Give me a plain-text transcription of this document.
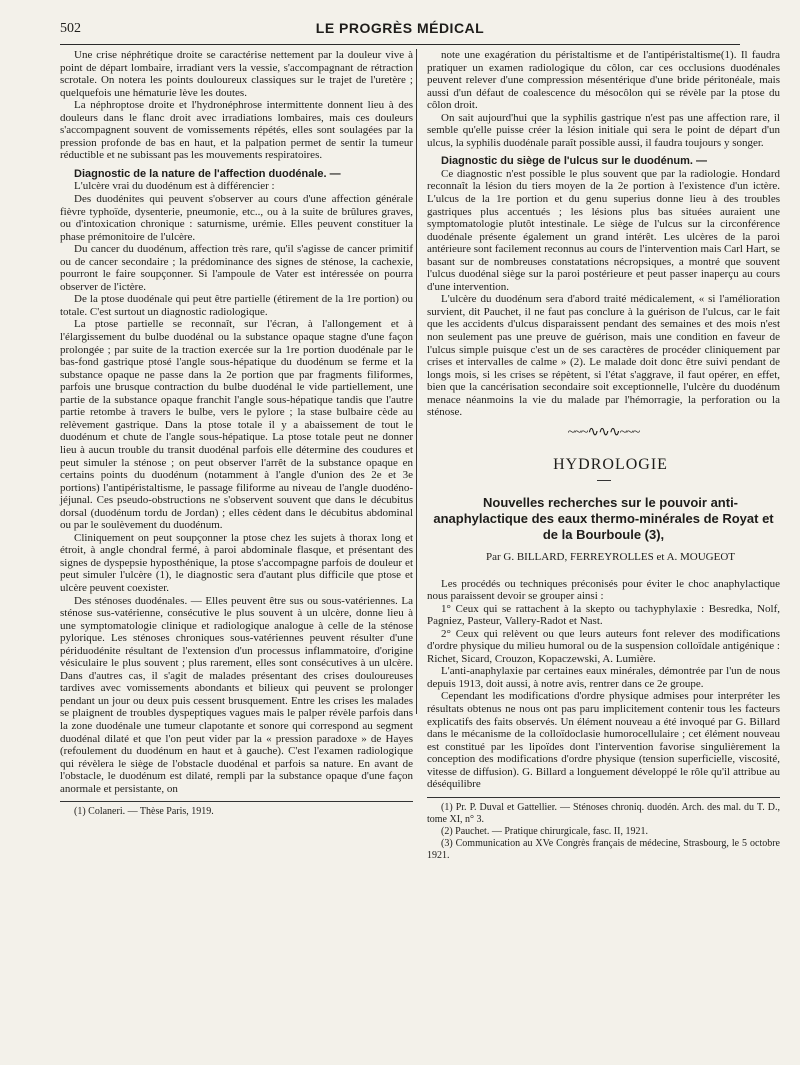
502	LE PROGRÈS MÉDICAL

Une crise néphrétique droite se caractérise nettement par la douleur vive à point de départ lombaire, irradiant vers la vessie, s'accompagnant de rétraction scrotale. On notera les points douloureux classiques sur le trajet de l'uretère ; quelquefois une hématurie lève les doutes.

La néphroptose droite et l'hydronéphrose intermittente donnent lieu à des douleurs dans le flanc droit avec irradiations lombaires, mais ces douleurs s'accompagnent souvent de vomissements répétés, elles sont soulagées par la pression profonde de bas en haut, et la palpation permet de sentir la tumeur réductible et ne subissant pas les mouvements respiratoires.

Diagnostic de la nature de l'affection duodénale. —

L'ulcère vrai du duodénum est à différencier :

Des duodénites qui peuvent s'observer au cours d'une affection générale fièvre typhoïde, dysenterie, pneumonie, etc.., ou à la suite de brûlures graves, ou d'intoxication chronique : saturnisme, urémie. Elles peuvent constituer la phase prémonitoire de l'ulcère.

Du cancer du duodénum, affection très rare, qu'il s'agisse de cancer primitif ou de cancer secondaire ; la prédominance des signes de sténose, la cachexie, pourront le faire soupçonner. Si l'ampoule de Vater est intéressée on pourra observer de l'ictère.

De la ptose duodénale qui peut être partielle (étirement de la 1re portion) ou totale. C'est surtout un diagnostic radiologique.

La ptose partielle se reconnaît, sur l'écran, à l'allongement et à l'élargissement du bulbe duodénal ou la substance opaque stagne d'une façon prolongée ; par suite de la traction exercée sur la 1re portion duodénale par le bas-fond gastrique ptosé l'angle sous-hépatique du duodénum se ferme et la substance opaque ne passe dans la 2e portion que par fragments filiformes, parfois une brusque contraction du bulbe duodénal le vide partiellement, une partie de la substance opaque franchit l'angle sous-hépatique tandis que l'autre partie retombe à travers le bulbe, vers le pylore ; la stase bulbaire cède au relèvement gastrique. Dans la ptose totale il y a abaissement de tout le duodénum et chute de l'angle sous-hépatique. La ptose totale peut ne donner lieu à aucun trouble du transit duodénal parfois elle détermine des coudures et peut simuler la sténose ; on peut observer l'arrêt de la substance opaque en certains points du duodénum (notamment à l'angle d'union des 2e et 3e portions) l'antipéristaltisme, le passage filiforme au niveau de l'angle duodéno-jéjunal. Ces pseudo-obstructions ne s'observent souvent que dans le décubitus dorsal (duodénum tordu de Jordan) ; elles cèdent dans le décubitus abdominal ou par le soulèvement du duodénum.

Cliniquement on peut soupçonner la ptose chez les sujets à thorax long et étroit, à angle chondral fermé, à paroi abdominale flasque, et présentant des signes de dyspepsie hyposthénique, la ptose s'accompagne parfois de douleur et peut simuler l'ulcère (1), le diagnostic sera d'autant plus difficile que ptose et ulcère peuvent coexister.

Des sténoses duodénales. — Elles peuvent être sus ou sous-vatériennes. La sténose sus-vatérienne, consécutive le plus souvent à un ulcère, donne lieu à une symptomatologie clinique et radiologique analogue à celle de la sténose pylorique. Les sténoses chroniques sous-vatériennes peuvent résulter d'une périduodénite résultant de l'extension d'un processus inflammatoire, d'origine vésiculaire le plus souvent ; plus rarement, elles sont consécutives à un ulcère. Dans d'autres cas, il s'agit de malades présentant des crises douloureuses tardives avec vomissements abondants et bilieux qui peuvent se prolonger pendant un jour ou deux puis cessent brusquement. Entre les crises les malades se plaignent de troubles dyspeptiques vagues mais le palper révèle parfois dans la zone duodénale une tumeur clapotante et sonore qui correspond au segment duodénal dilaté et que l'on peut vider par la « pression paradoxe » de Hayes (refoulement du duodénum en haut et à gauche). C'est l'examen radiologique qui révèlera le siège de l'obstacle duodénal et parfois sa nature. En avant de l'obstacle, le duodénum est dilaté, rempli par la substance opaque d'une façon anormale et persistante, on

(1) Colaneri. — Thèse Paris, 1919.

note une exagération du péristaltisme et de l'antipéristaltisme(1). Il faudra pratiquer un examen radiologique du côlon, car ces occlusions duodénales peuvent relever d'une compression mésentérique d'une bride péritonéale, mais aussi d'un défaut de coalescence du mésocôlon qui se révèle par la ptose du côlon droit.

On sait aujourd'hui que la syphilis gastrique n'est pas une affection rare, il semble qu'elle puisse créer la lésion initiale qui sera le point de départ d'un ulcus, la syphilis duodénale paraît possible aussi, il faudra toujours y songer.

Diagnostic du siège de l'ulcus sur le duodénum. —

Ce diagnostic n'est possible le plus souvent que par la radiologie. Hondard reconnaît la lésion du tiers moyen de la 2e portion à l'existence d'un ictère. L'ulcus de la 1re portion et du genu superius donne lieu à des troubles gastriques plus accentués ; les lésions plus bas situées auraient une symptomatologie plutôt intestinale. Le siège de l'ulcus sur la circonférence duodénale présente également un grand intérêt. Les ulcères de la paroi antérieure sont facilement reconnus au cours de l'intervention mais Carl Hart, se basant sur de nombreuses constatations nécropsiques, a montré que souvent l'ulcus duodénal siège sur la paroi postérieure et peut passer inaperçu au cours d'une intervention.

L'ulcère du duodénum sera d'abord traité médicalement, « si l'amélioration survient, dit Pauchet, il ne faut pas conclure à la guérison de l'ulcus, car le fait que les accidents d'ulcus disparaissent pendant des semaines et des mois n'est non seulement pas une preuve de guérison, mais une condition en faveur de l'ulcus simple puisque c'est un de ses caractères de procéder cliniquement par crises et intervalles de calme » (2). Le malade doit donc être suivi pendant de longs mois, si les crises se répètent, si l'état s'aggrave, il faut opérer, en effet, bien que la cancérisation secondaire soit exceptionnelle, l'ulcère du duodénum menace néanmoins la vie du malade par l'hémorragie, la perforation ou la sténose.

~~~∿∿∿~~~

HYDROLOGIE

Nouvelles recherches sur le pouvoir anti-anaphylactique des eaux thermo-minérales de Royat et de la Bourboule (3),

Par G. BILLARD, FERREYROLLES et A. MOUGEOT

Les procédés ou techniques préconisés pour éviter le choc anaphylactique nous paraissent devoir se grouper ainsi :

1° Ceux qui se rattachent à la skepto ou tachyphylaxie : Besredka, Nolf, Pagniez, Pasteur, Vallery-Radot et Nast.

2° Ceux qui relèvent ou que leurs auteurs font relever des modifications d'ordre physique du milieu humoral ou de la suspension colloïdale antigénique : Richet, Sicard, Crouzon, Kopaczewski, A. Lumière.

L'anti-anaphylaxie par certaines eaux minérales, démontrée par l'un de nous depuis 1913, doit aussi, à notre avis, rentrer dans ce 2e groupe.

Cependant les modifications d'ordre physique admises pour interpréter les résultats obtenus ne nous ont pas paru implicitement contenir tous les facteurs explicatifs des faits observés. Un élément nouveau a été invoqué par G. Billard dans le mécanisme de la colloïdoclasie humorocellulaire ; cet élément nouveau est constitué par les lipoïdes dont l'intervention favorise singulièrement la conception des modifications d'ordre physique (tension superficielle, viscosité, vitesse de diffusion). G. Billard a longuement développé le rôle qu'il attribue au déséquilibre

(1) Pr. P. Duval et Gattellier. — Sténoses chroniq. duodén. Arch. des mal. du T. D., tome XI, n° 3.

(2) Pauchet. — Pratique chirurgicale, fasc. II, 1921.

(3) Communication au XVe Congrès français de médecine, Strasbourg, le 5 octobre 1921.
